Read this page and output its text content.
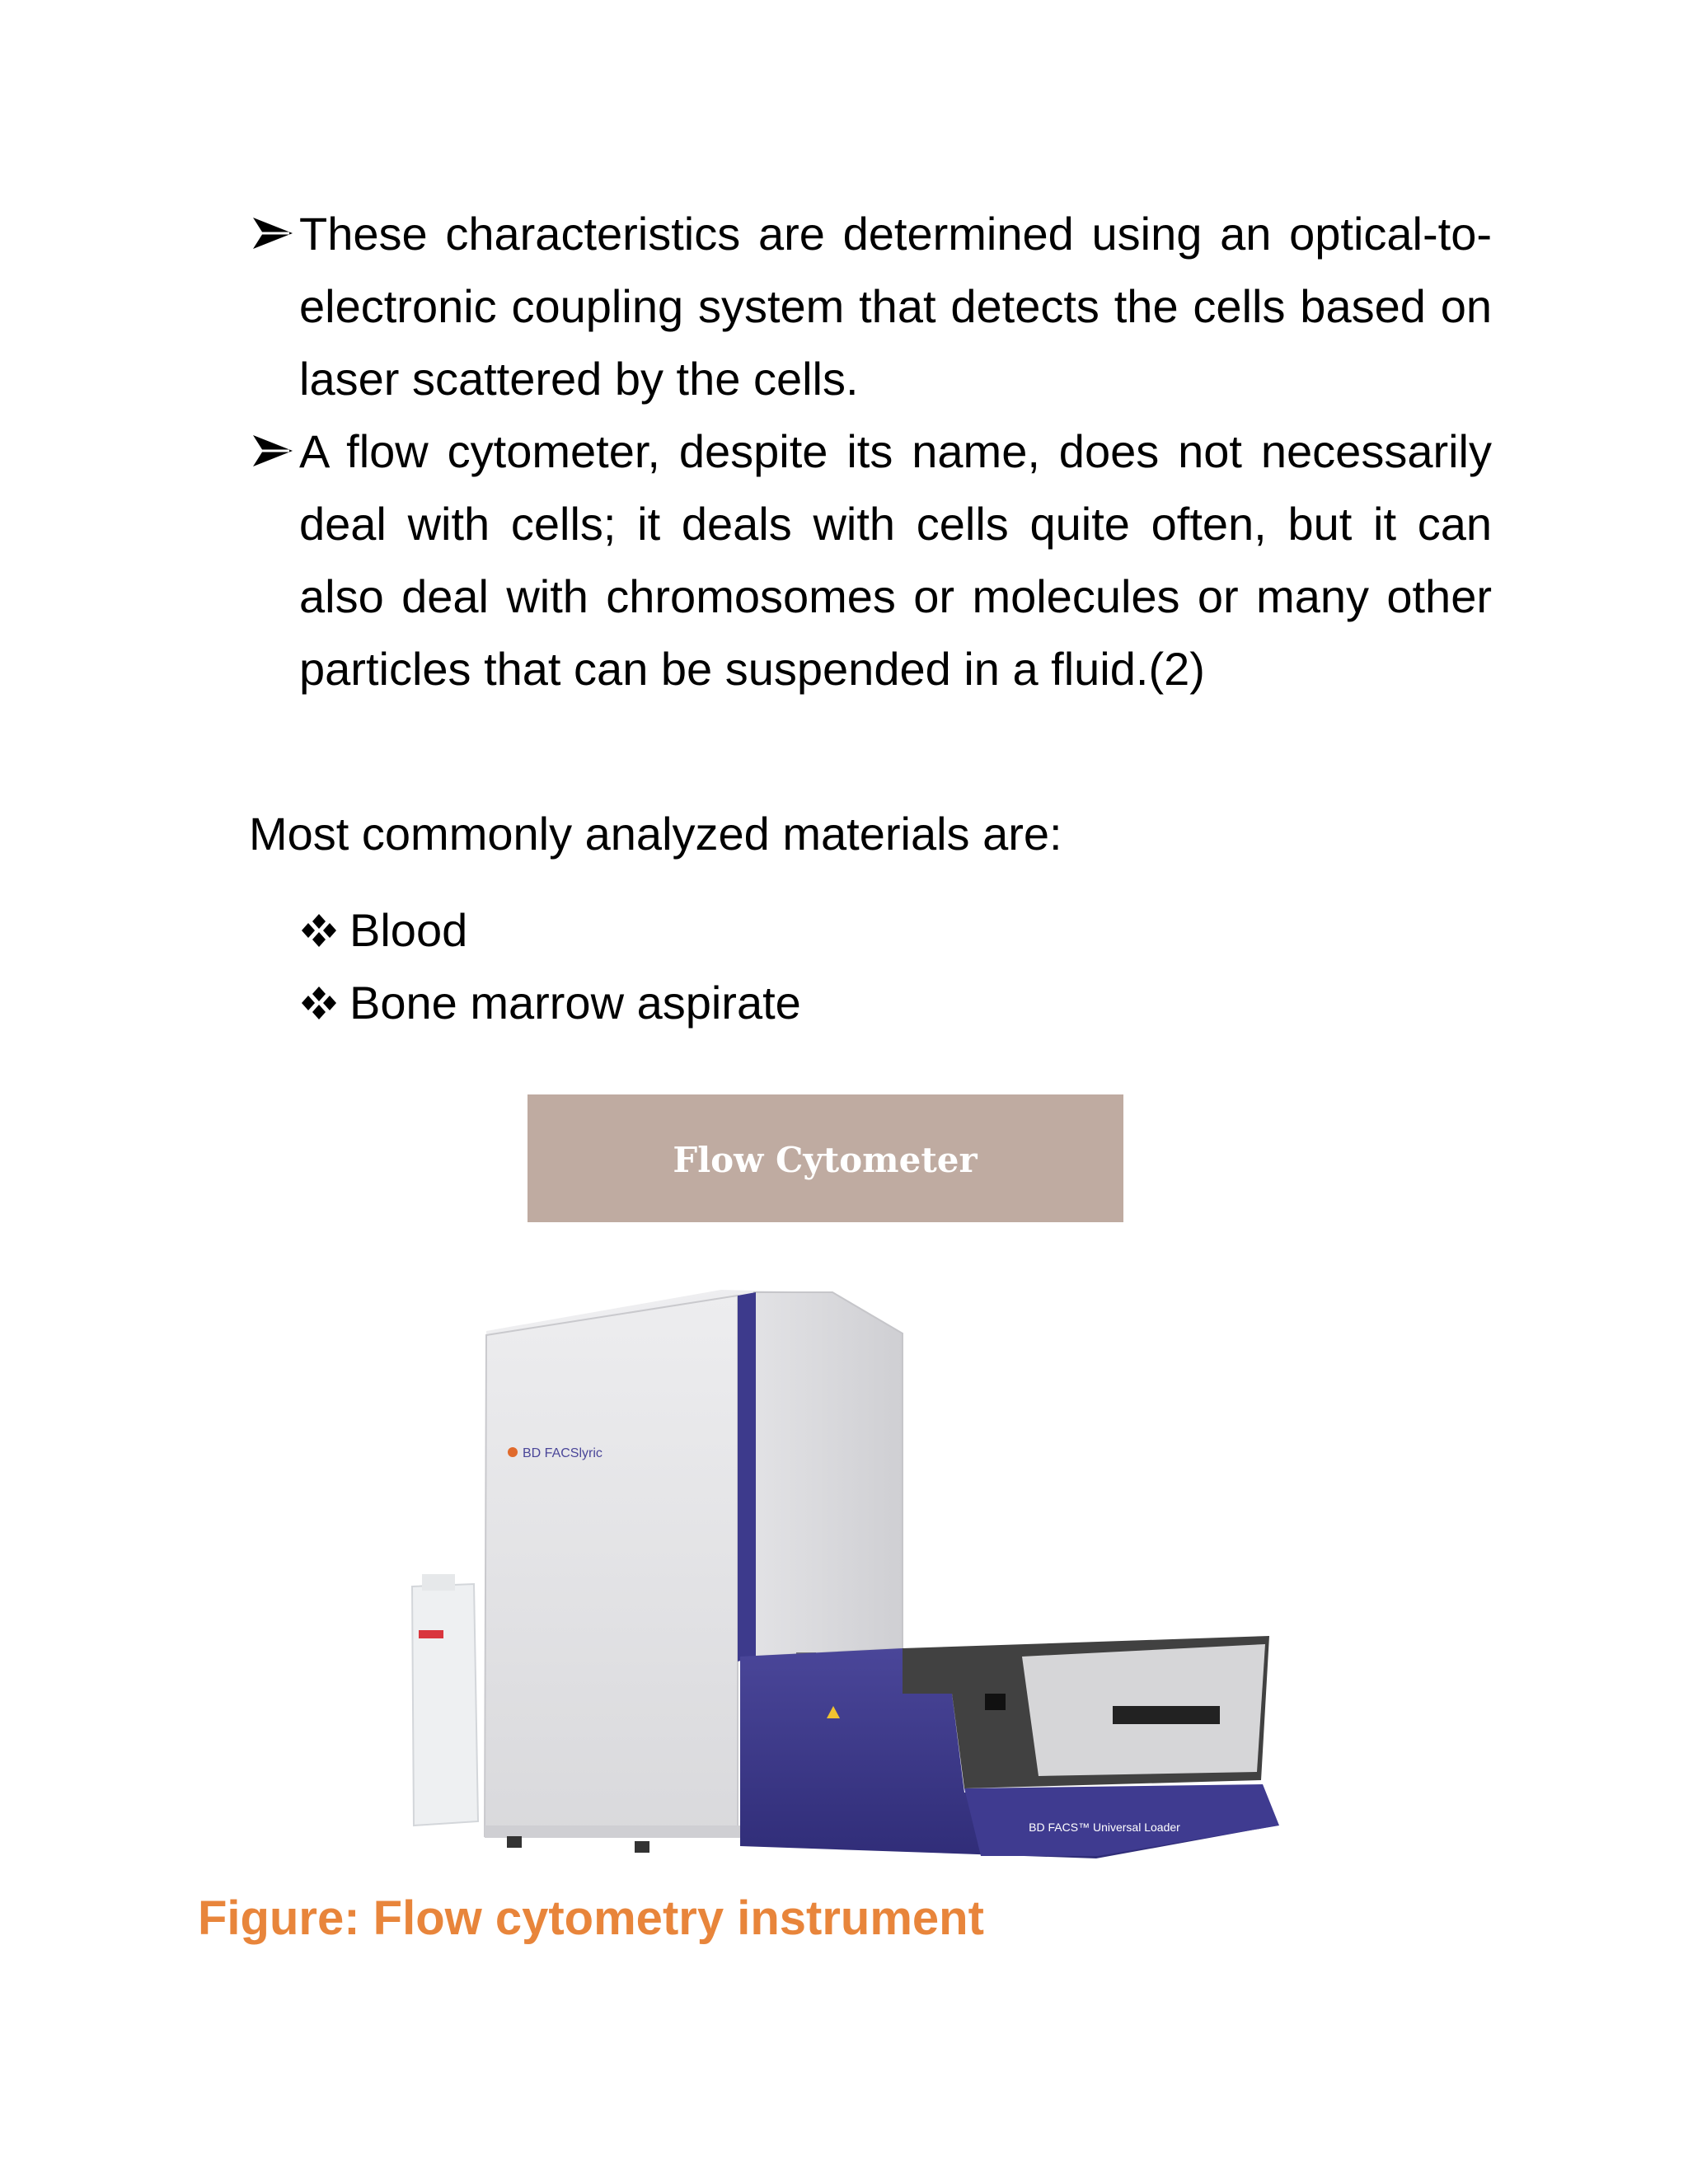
These characteristics are determined using an optical-to-electronic coupling system that detects the cells based on laser scattered by the cells.
A flow cytometer, despite its name, does not necessarily deal with cells; it deals with cells quite often, but it can also deal with chromosomes or molecules or many other particles that can be suspended in a fluid.(2)
Most commonly analyzed materials are:
Blood
Bone marrow aspirate
Flow Cytometer
BD FACSlyric
BD FACS™ Universal Loader
Figure: Flow cytometry instrument
